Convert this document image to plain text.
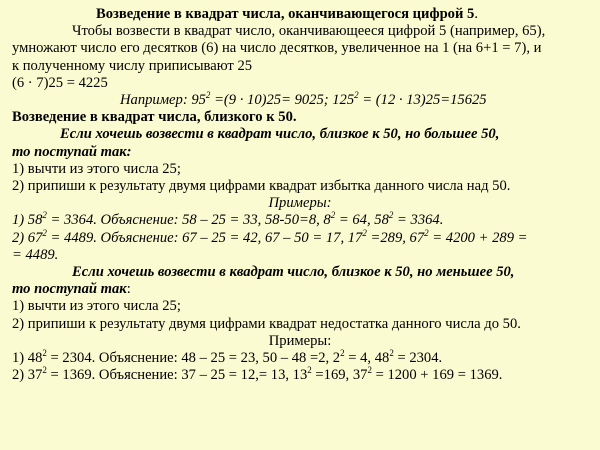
Возведение в квадрат числа, оканчивающегося цифрой 5.
Чтобы возвести в квадрат число, оканчивающееся цифрой 5 (например, 65),
умножают число его десятков (6) на число десятков, увеличенное на 1 (на 6+1 = 7), и
к полученному числу приписывают 25
(6 · 7)25 = 4225
Например: $95^2 =(9 \cdot 10)25= 9025$; $125^2 = (12 \cdot 13)25=15625$
Возведение в квадрат числа, близкого к 50.
Если хочешь возвести в квадрат число, близкое к 50, но большее 50,
то поступай так:
1) вычти из этого числа 25;
2) припиши к результату двумя цифрами квадрат избытка данного числа над 50.
Примеры:
1) $58^2 = 3364$. Объяснение: 58 – 25 = 33, 58-50=8, $8^2 = 64$, $58^2 = 3364$.
2) $67^2 = 4489$. Объяснение: 67 – 25 = 42, 67 – 50 = 17, $17^2 =289$, $67^2 = 4200 + 289$ =
= 4489.
Если хочешь возвести в квадрат число, близкое к 50, но меньшее 50,
то поступай так:
1) вычти из этого числа 25;
2) припиши к результату двумя цифрами квадрат недостатка данного числа до 50.
Примеры:
1) $48^2 = 2304$. Объяснение: 48 – 25 = 23, 50 – 48 =2, $2^2 = 4$, $48^2 = 2304$.
2) $37^2 = 1369$. Объяснение: 37 – 25 = 12,= 13, $13^2 =169$, $37^2 = 1200 + 169 = 1369$.
